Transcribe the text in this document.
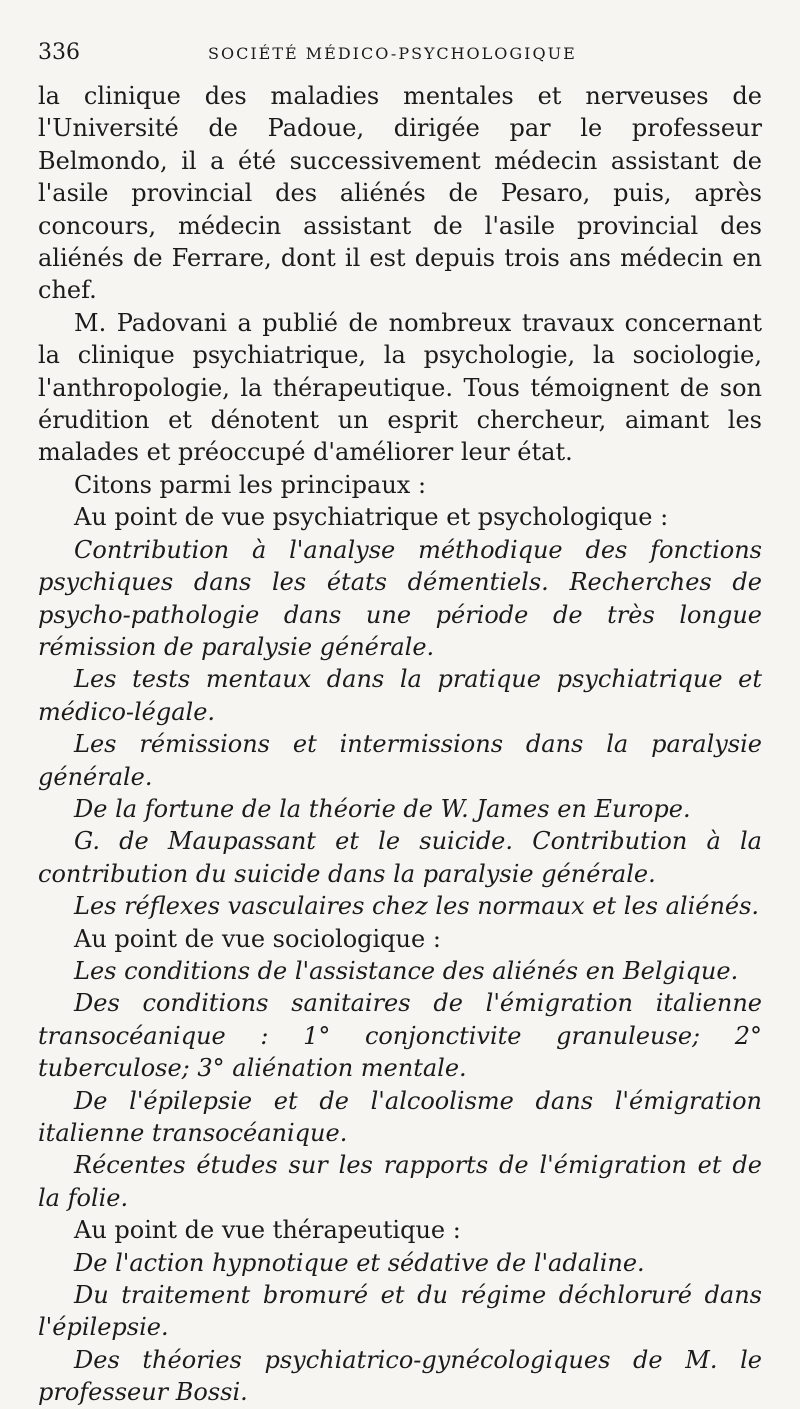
336	SOCIÉTÉ MÉDICO-PSYCHOLOGIQUE

la clinique des maladies mentales et nerveuses de l'Université de Padoue, dirigée par le professeur Belmondo, il a été successivement médecin assistant de l'asile provincial des aliénés de Pesaro, puis, après concours, médecin assistant de l'asile provincial des aliénés de Ferrare, dont il est depuis trois ans médecin en chef.

M. Padovani a publié de nombreux travaux concernant la clinique psychiatrique, la psychologie, la sociologie, l'anthropologie, la thérapeutique. Tous témoignent de son érudition et dénotent un esprit chercheur, aimant les malades et préoccupé d'améliorer leur état.

Citons parmi les principaux :

Au point de vue psychiatrique et psychologique :

Contribution à l'analyse méthodique des fonctions psychiques dans les états démentiels. Recherches de psycho-pathologie dans une période de très longue rémission de paralysie générale.

Les tests mentaux dans la pratique psychiatrique et médico-légale.

Les rémissions et intermissions dans la paralysie générale.

De la fortune de la théorie de W. James en Europe.

G. de Maupassant et le suicide. Contribution à la contribution du suicide dans la paralysie générale.

Les réflexes vasculaires chez les normaux et les aliénés.

Au point de vue sociologique :

Les conditions de l'assistance des aliénés en Belgique.

Des conditions sanitaires de l'émigration italienne transocéanique : 1° conjonctivite granuleuse; 2° tuberculose; 3° aliénation mentale.

De l'épilepsie et de l'alcoolisme dans l'émigration italienne transocéanique.

Récentes études sur les rapports de l'émigration et de la folie.

Au point de vue thérapeutique :

De l'action hypnotique et sédative de l'adaline.

Du traitement bromuré et du régime déchloruré dans l'épilepsie.

Des théories psychiatrico-gynécologiques de M. le professeur Bossi.
